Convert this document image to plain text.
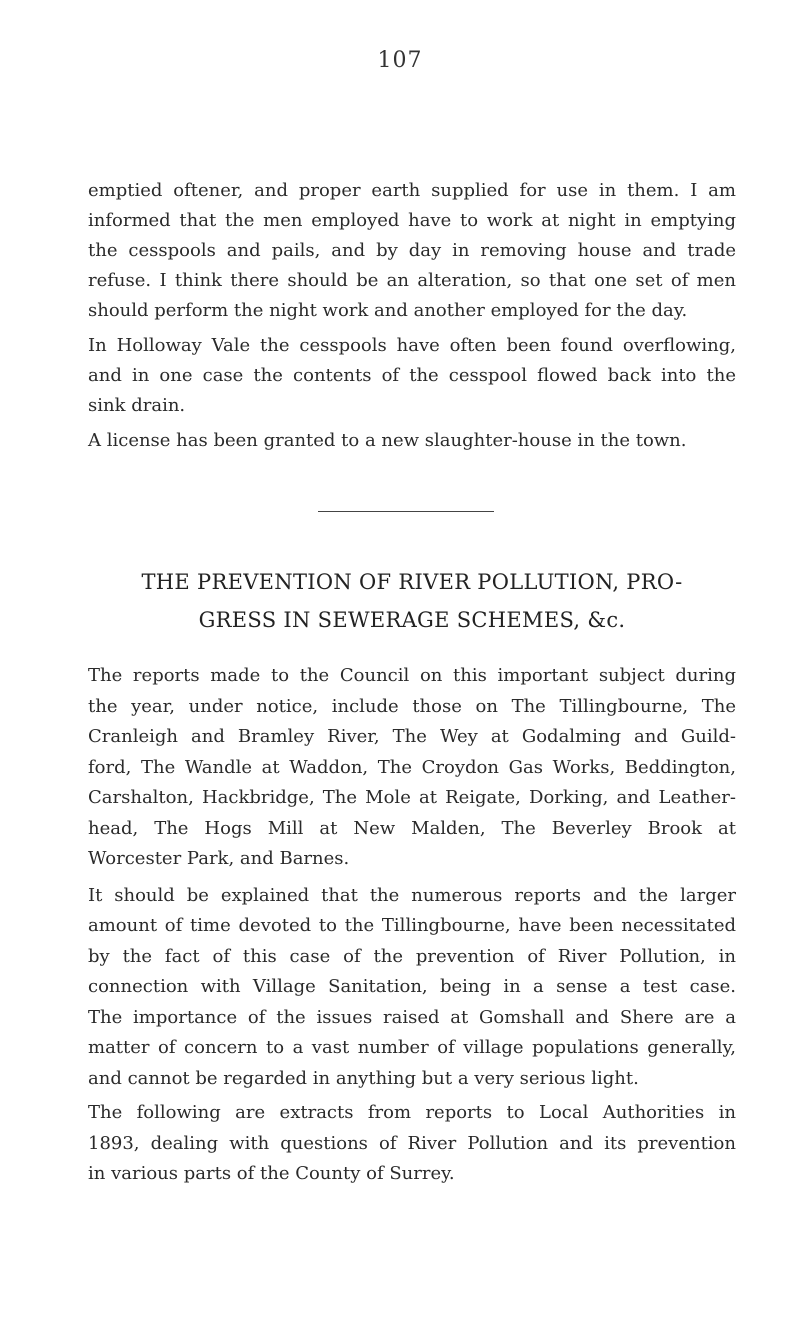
107

emptied oftener, and proper earth supplied for use in them. I am
informed that the men employed have to work at night in emptying
the cesspools and pails, and by day in removing house and trade
refuse. I think there should be an alteration, so that one set of men
should perform the night work and another employed for the day.

In Holloway Vale the cesspools have often been found overflowing,
and in one case the contents of the cesspool flowed back into the
sink drain.

A license has been granted to a new slaughter-house in the town.

THE PREVENTION OF RIVER POLLUTION, PRO-
GRESS IN SEWERAGE SCHEMES, &c.

The reports made to the Council on this important subject during
the year, under notice, include those on The Tillingbourne, The
Cranleigh and Bramley River, The Wey at Godalming and Guild-
ford, The Wandle at Waddon, The Croydon Gas Works, Beddington,
Carshalton, Hackbridge, The Mole at Reigate, Dorking, and Leather-
head, The Hogs Mill at New Malden, The Beverley Brook at
Worcester Park, and Barnes.

It should be explained that the numerous reports and the larger
amount of time devoted to the Tillingbourne, have been necessitated
by the fact of this case of the prevention of River Pollution, in
connection with Village Sanitation, being in a sense a test case.
The importance of the issues raised at Gomshall and Shere are a
matter of concern to a vast number of village populations generally,
and cannot be regarded in anything but a very serious light.

The following are extracts from reports to Local Authorities in
1893, dealing with questions of River Pollution and its prevention
in various parts of the County of Surrey.
